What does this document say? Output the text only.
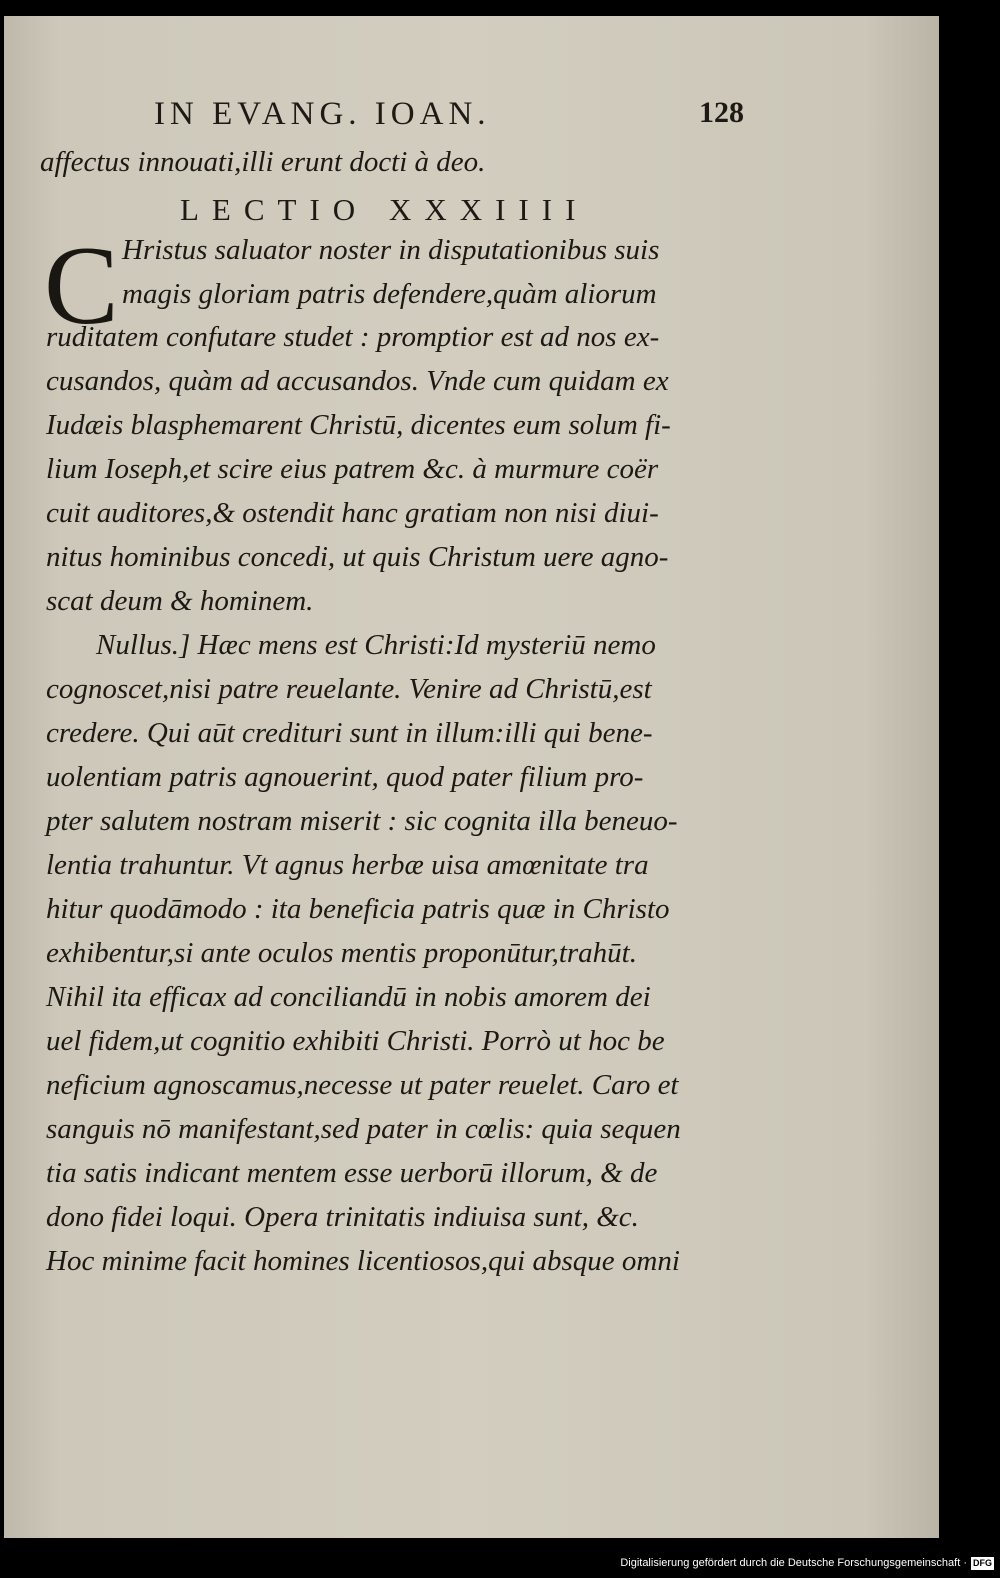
IN EVANG. IOAN.	128
affectus innouati,illi erunt docti à deo.
LECTIO XXXIIII
C Hristus saluator noster in disputationibus suis
magis gloriam patris defendere,quàm aliorum
ruditatem confutare studet : promptior est ad nos ex-
cusandos, quàm ad accusandos. Vnde cum quidam ex
Iudæis blasphemarent Christū, dicentes eum solum fi-
lium Ioseph,et scire eius patrem &c. à murmure coër
cuit auditores,& ostendit hanc gratiam non nisi diui-
nitus hominibus concedi, ut quis Christum uere agno-
scat deum & hominem.
Nullus.] Hæc mens est Christi:Id mysteriū nemo
cognoscet,nisi patre reuelante. Venire ad Christū,est
credere. Qui aūt credituri sunt in illum:illi qui bene-
uolentiam patris agnouerint, quod pater filium pro-
pter salutem nostram miserit : sic cognita illa beneuo-
lentia trahuntur. Vt agnus herbæ uisa amœnitate tra
hitur quodāmodo : ita beneficia patris quæ in Christo
exhibentur,si ante oculos mentis proponūtur,trahūt.
Nihil ita efficax ad conciliandū in nobis amorem dei
uel fidem,ut cognitio exhibiti Christi. Porrò ut hoc be
neficium agnoscamus,necesse ut pater reuelet. Caro et
sanguis nō manifestant,sed pater in cœlis: quia sequen
tia satis indicant mentem esse uerborū illorum, & de
dono fidei loqui. Opera trinitatis indiuisa sunt, &c.
Hoc minime facit homines licentiosos,qui absque omni
Digitalisierung gefördert durch die Deutsche Forschungsgemeinschaft · DFG
